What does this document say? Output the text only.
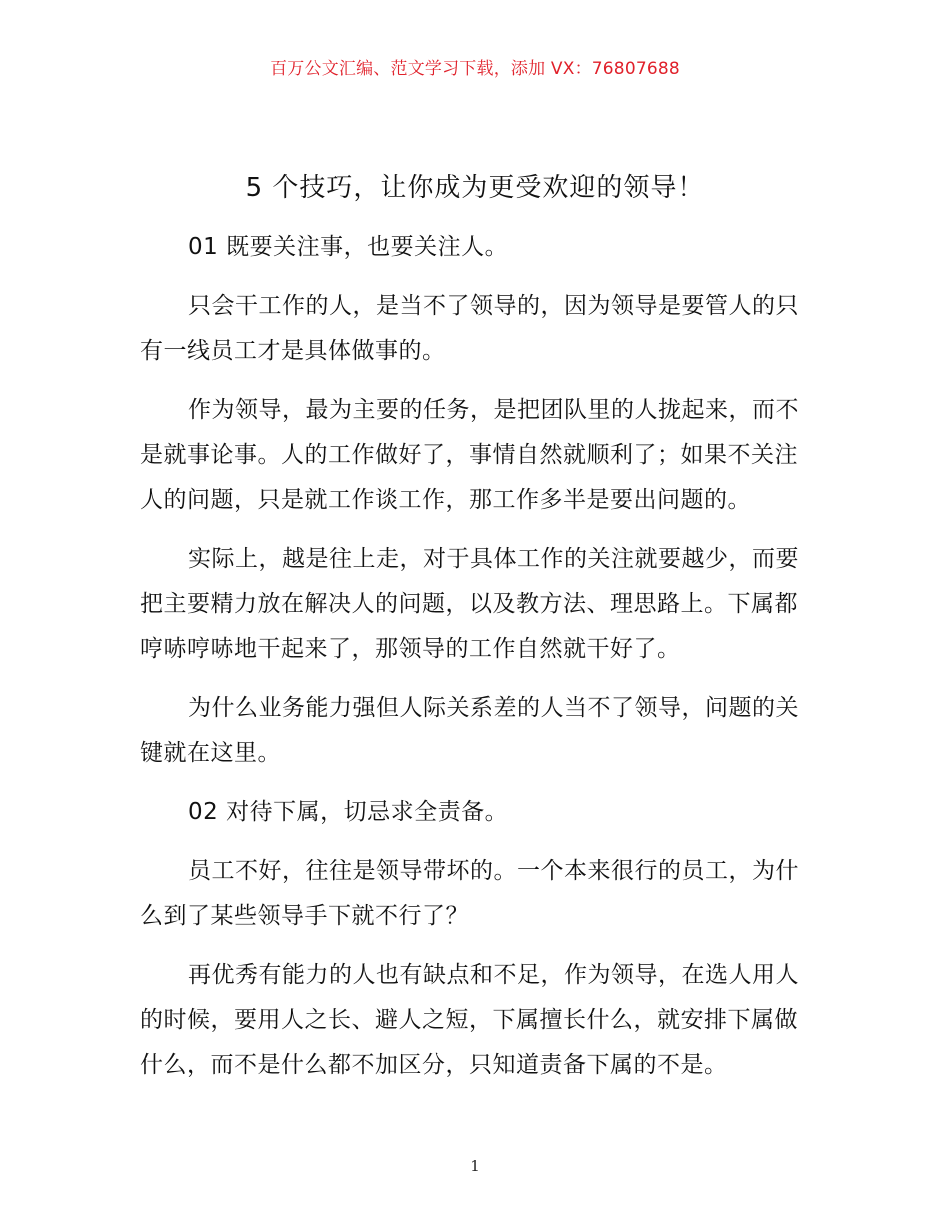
百万公文汇编、范文学习下载，添加 VX：76807688
5 个技巧，让你成为更受欢迎的领导！

01 既要关注事，也要关注人。

只会干工作的人，是当不了领导的，因为领导是要管人的只有一线员工才是具体做事的。

作为领导，最为主要的任务，是把团队里的人拢起来，而不是就事论事。人的工作做好了，事情自然就顺利了；如果不关注人的问题，只是就工作谈工作，那工作多半是要出问题的。

实际上，越是往上走，对于具体工作的关注就要越少，而要把主要精力放在解决人的问题，以及教方法、理思路上。下属都哼哧哼哧地干起来了，那领导的工作自然就干好了。

为什么业务能力强但人际关系差的人当不了领导，问题的关键就在这里。

02 对待下属，切忌求全责备。

员工不好，往往是领导带坏的。一个本来很行的员工，为什么到了某些领导手下就不行了？

再优秀有能力的人也有缺点和不足，作为领导，在选人用人的时候，要用人之长、避人之短，下属擅长什么，就安排下属做什么，而不是什么都不加区分，只知道责备下属的不是。

1
